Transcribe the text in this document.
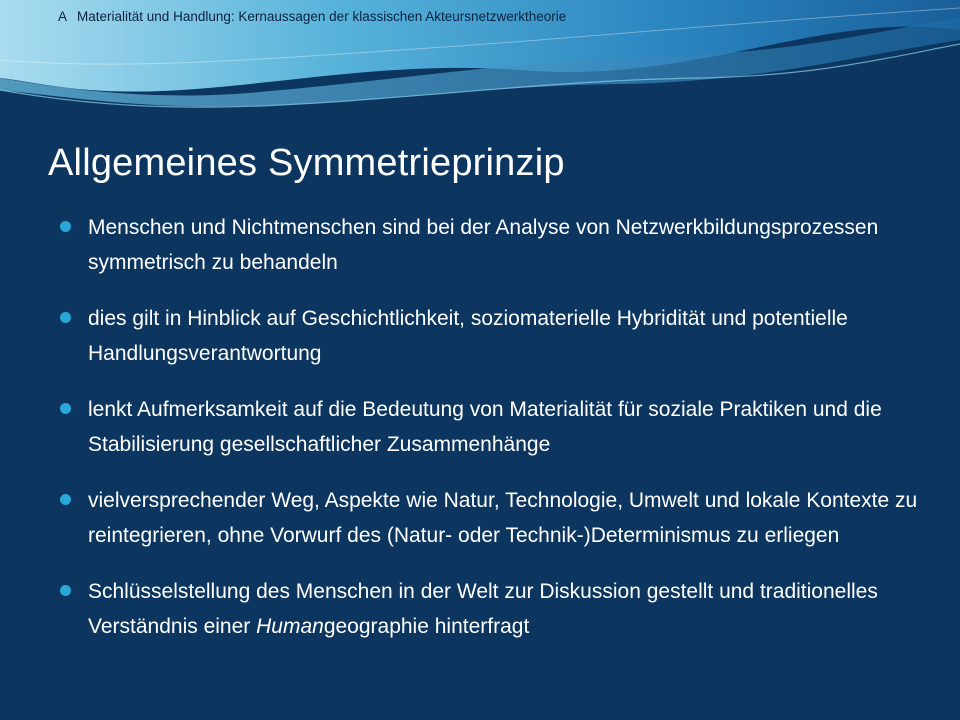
A Materialität und Handlung: Kernaussagen der klassischen Akteursnetzwerktheorie
Allgemeines Symmetrieprinzip
Menschen und Nichtmenschen sind bei der Analyse von Netzwerkbildungsprozessen symmetrisch zu behandeln
dies gilt in Hinblick auf Geschichtlichkeit, soziomaterielle Hybridität und potentielle Handlungsverantwortung
lenkt Aufmerksamkeit auf die Bedeutung von Materialität für soziale Praktiken und die Stabilisierung gesellschaftlicher Zusammenhänge
vielversprechender Weg, Aspekte wie Natur, Technologie, Umwelt und lokale Kontexte zu reintegrieren, ohne Vorwurf des (Natur- oder Technik-)Determinismus zu erliegen
Schlüsselstellung des Menschen in der Welt zur Diskussion gestellt und traditionelles Verständnis einer Humangeographie hinterfragt
